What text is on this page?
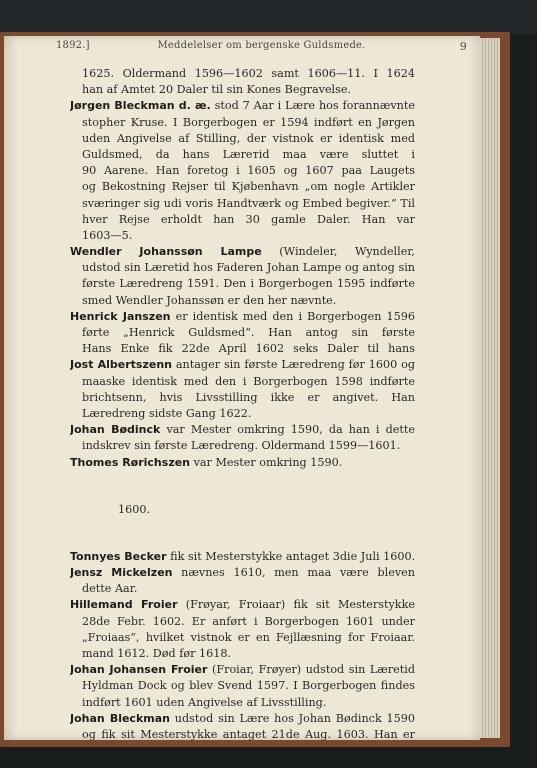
1892.]	Meddelelser om bergenske Guldsmede.	9
1625. Oldermand 1596—1602 samt 1606—11. I 1624
han af Amtet 20 Daler til sin Kones Begravelse.
Jørgen Bleckman d. æ. stod 7 Aar i Lære hos forannævnte
stopher Kruse. I Borgerbogen er 1594 indført en Jørgen
uden Angivelse af Stilling, der vistnok er identisk med
Guldsmed, da hans Lærетid maa være sluttet i
90 Aarene. Han foretog i 1605 og 1607 paa Laugets
og Bekostning Rejser til Kjøbenhavn „om nogle Artikler
sværinger sig udi voris Handtværk og Embed begiver.“ Til
hver Rejse erholdt han 30 gamle Daler. Han var
1603—5.
Wendler Johanssøn Lampe (Windeler, Wyndeller,
udstod sin Læretid hos Faderen Johan Lampe og antog sin
første Læredreng 1591. Den i Borgerbogen 1595 indførte
smed Wendler Johanssøn er den her nævnte.
Henrick Janszen er identisk med den i Borgerbogen 1596
førte „Henrick Guldsmed“. Han antog sin første
Hans Enke fik 22de April 1602 seks Daler til hans
Jost Albertszenn antager sin første Læredreng før 1600 og
maaske identisk med den i Borgerbogen 1598 indførte
brichtsenn, hvis Livsstilling ikke er angivet. Han
Læredreng sidste Gang 1622.
Johan Bødinck var Mester omkring 1590, da han i dette
indskrev sin første Læredreng. Oldermand 1599—1601.
Thomes Rørichszen var Mester omkring 1590.
1600.
Tonnyes Becker fik sit Mesterstykke antaget 3die Juli 1600.
Jensz Mickelzen nævnes 1610, men maa være bleven
dette Aar.
Hillemand Froier (Frøyar, Froiaar) fik sit Mesterstykke
28de Febr. 1602. Er anført i Borgerbogen 1601 under
„Froiaas“, hvilket vistnok er en Fejllæsning for Froiaar.
mand 1612. Død før 1618.
Johan Johansen Froier (Froiar, Frøyer) udstod sin Læretid
Hyldman Dock og blev Svend 1597. I Borgerbogen findes
indført 1601 uden Angivelse af Livsstilling.
Johan Bleckman udstod sin Lære hos Johan Bødinck 1590
og fik sit Mesterstykke antaget 21de Aug. 1603. Han er
